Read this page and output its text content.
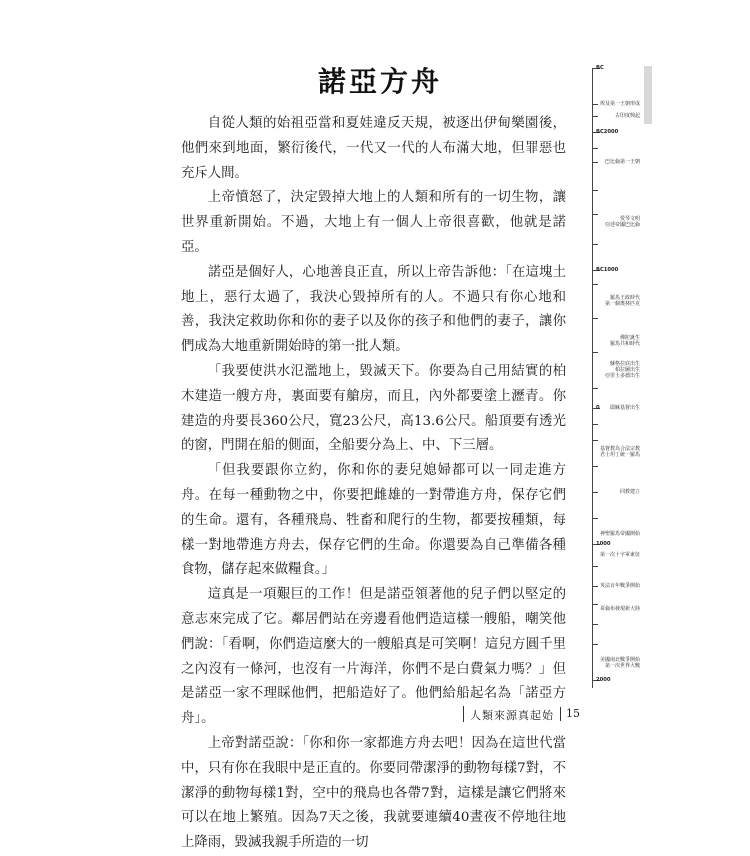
諾亞方舟

自從人類的始祖亞當和夏娃違反天規，被逐出伊甸樂園後，他們來到地面，繁衍後代，一代又一代的人布滿大地，但罪惡也充斥人間。

上帝憤怒了，決定毀掉大地上的人類和所有的一切生物，讓世界重新開始。不過，大地上有一個人上帝很喜歡，他就是諾亞。

諾亞是個好人，心地善良正直，所以上帝告訴他：「在這塊土地上，惡行太過了，我決心毀掉所有的人。不過只有你心地和善，我決定救助你和你的妻子以及你的孩子和他們的妻子，讓你們成為大地重新開始時的第一批人類。

「我要使洪水氾濫地上，毀滅天下。你要為自己用結實的柏木建造一艘方舟，裏面要有艙房，而且，內外都要塗上瀝青。你建造的舟要長360公尺，寬23公尺，高13.6公尺。船頂要有透光的窗，門開在船的側面，全船要分為上、中、下三層。

「但我要跟你立約，你和你的妻兒媳婦都可以一同走進方舟。在每一種動物之中，你要把雌雄的一對帶進方舟，保存它們的生命。還有，各種飛鳥、牲畜和爬行的生物，都要按種類，每樣一對地帶進方舟去，保存它們的生命。你還要為自己準備各種食物，儲存起來做糧食。」

這真是一項艱巨的工作！但是諾亞領著他的兒子們以堅定的意志來完成了它。鄰居們站在旁邊看他們造這樣一艘船，嘲笑他們說：「看啊，你們造這麼大的一艘船真是可笑啊！這兒方圓千里之內沒有一條河，也沒有一片海洋，你們不是白費氣力嗎？」但是諾亞一家不理睬他們，把船造好了。他們給船起名為「諾亞方舟」。

上帝對諾亞說：「你和你一家都進方舟去吧！因為在這世代當中，只有你在我眼中是正直的。你要同帶潔淨的動物每樣7對，不潔淨的動物每樣1對，空中的飛鳥也各帶7對，這樣是讓它們將來可以在地上繁殖。因為7天之後，我就要連續40晝夜不停地往地上降雨，毀滅我親手所造的一切

BC
埃及第一王朝形成
古印度興起
BC2000
巴比倫第一王朝
愛琴文明
亞述帝國巴比倫
BC1000
羅馬王政時代
第一個奧林匹克
佛陀誕生
羅馬共和時代
蘇格拉底出生
柏拉圖出生
亞里士多德出生
0	耶穌基督出生
基督教為合法宗教
君士坦丁統一羅馬
回教建立
神聖羅馬帝國開始
1000
第一次十字軍東征
英法百年戰爭開始
哥倫布發現新大陸
美國南北戰爭開始
第一次世界大戰
2000
人類來源真起始 15
